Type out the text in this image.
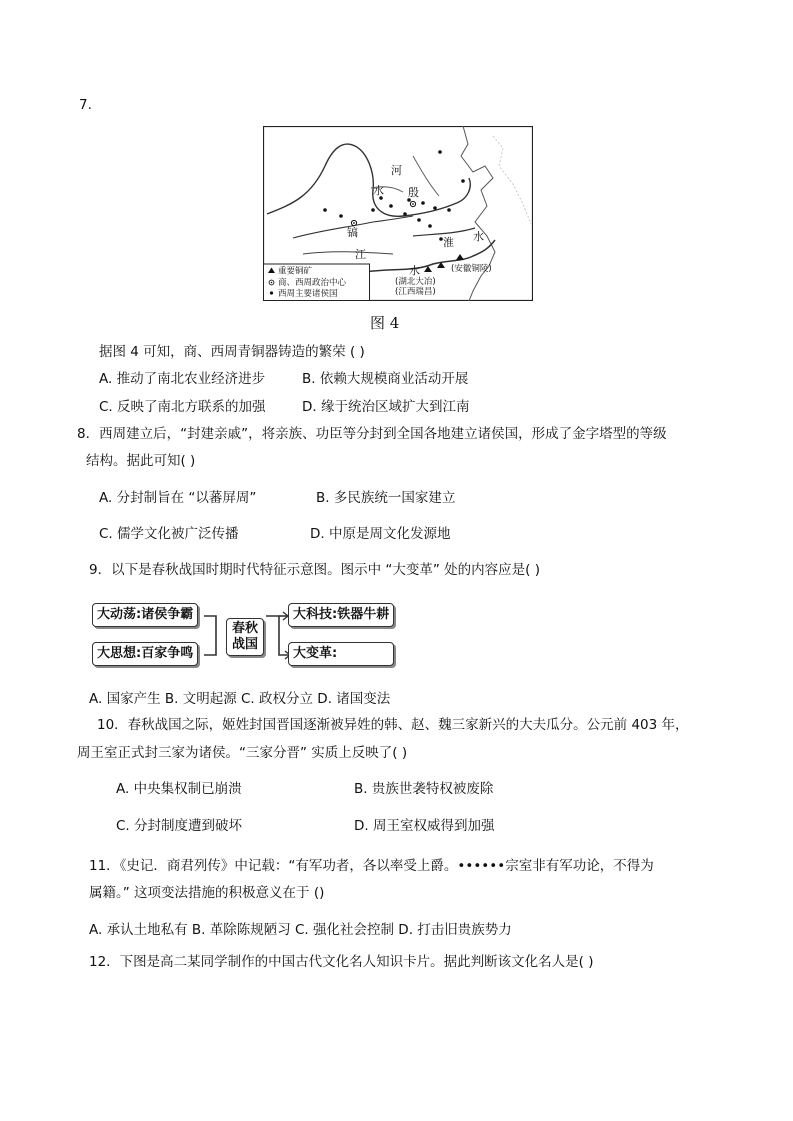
7.
河
水 殷
镐
江
淮 水
水
(湖北大冶)
(江西瑞昌)
(安徽铜陵)
重要铜矿
商、西周政治中心
西周主要诸侯国
图 4
据图 4 可知，商、西周青铜器铸造的繁荣 ( )
A. 推动了南北农业经济进步	B. 依赖大规模商业活动开展
C. 反映了南北方联系的加强	D. 缘于统治区域扩大到江南
8．西周建立后，“封建亲戚”，将亲族、功臣等分封到全国各地建立诸侯国，形成了金字塔型的等级
结构。据此可知( )
A. 分封制旨在 “以蕃屏周”	B. 多民族统一国家建立
C. 儒学文化被广泛传播	D. 中原是周文化发源地
9．以下是春秋战国时期时代特征示意图。图示中 “大变革” 处的内容应是( )
大动荡:诸侯争霸
大思想:百家争鸣
春秋
战国
大科技:铁器牛耕
大变革:
A. 国家产生 B. 文明起源 C. 政权分立 D. 诸国变法
10．春秋战国之际，姬姓封国晋国逐渐被异姓的韩、赵、魏三家新兴的大夫瓜分。公元前 403 年，
周王室正式封三家为诸侯。“三家分晋” 实质上反映了( )
A. 中央集权制已崩溃	B. 贵族世袭特权被废除
C. 分封制度遭到破坏	D. 周王室权威得到加强
11．《史记．商君列传》中记载：“有军功者，各以率受上爵。••••••宗室非有军功论，不得为
属籍。” 这项变法措施的积极意义在于 ()
A. 承认土地私有 B. 革除陈规陋习 C. 强化社会控制 D. 打击旧贵族势力
12．下图是高二某同学制作的中国古代文化名人知识卡片。据此判断该文化名人是( )
